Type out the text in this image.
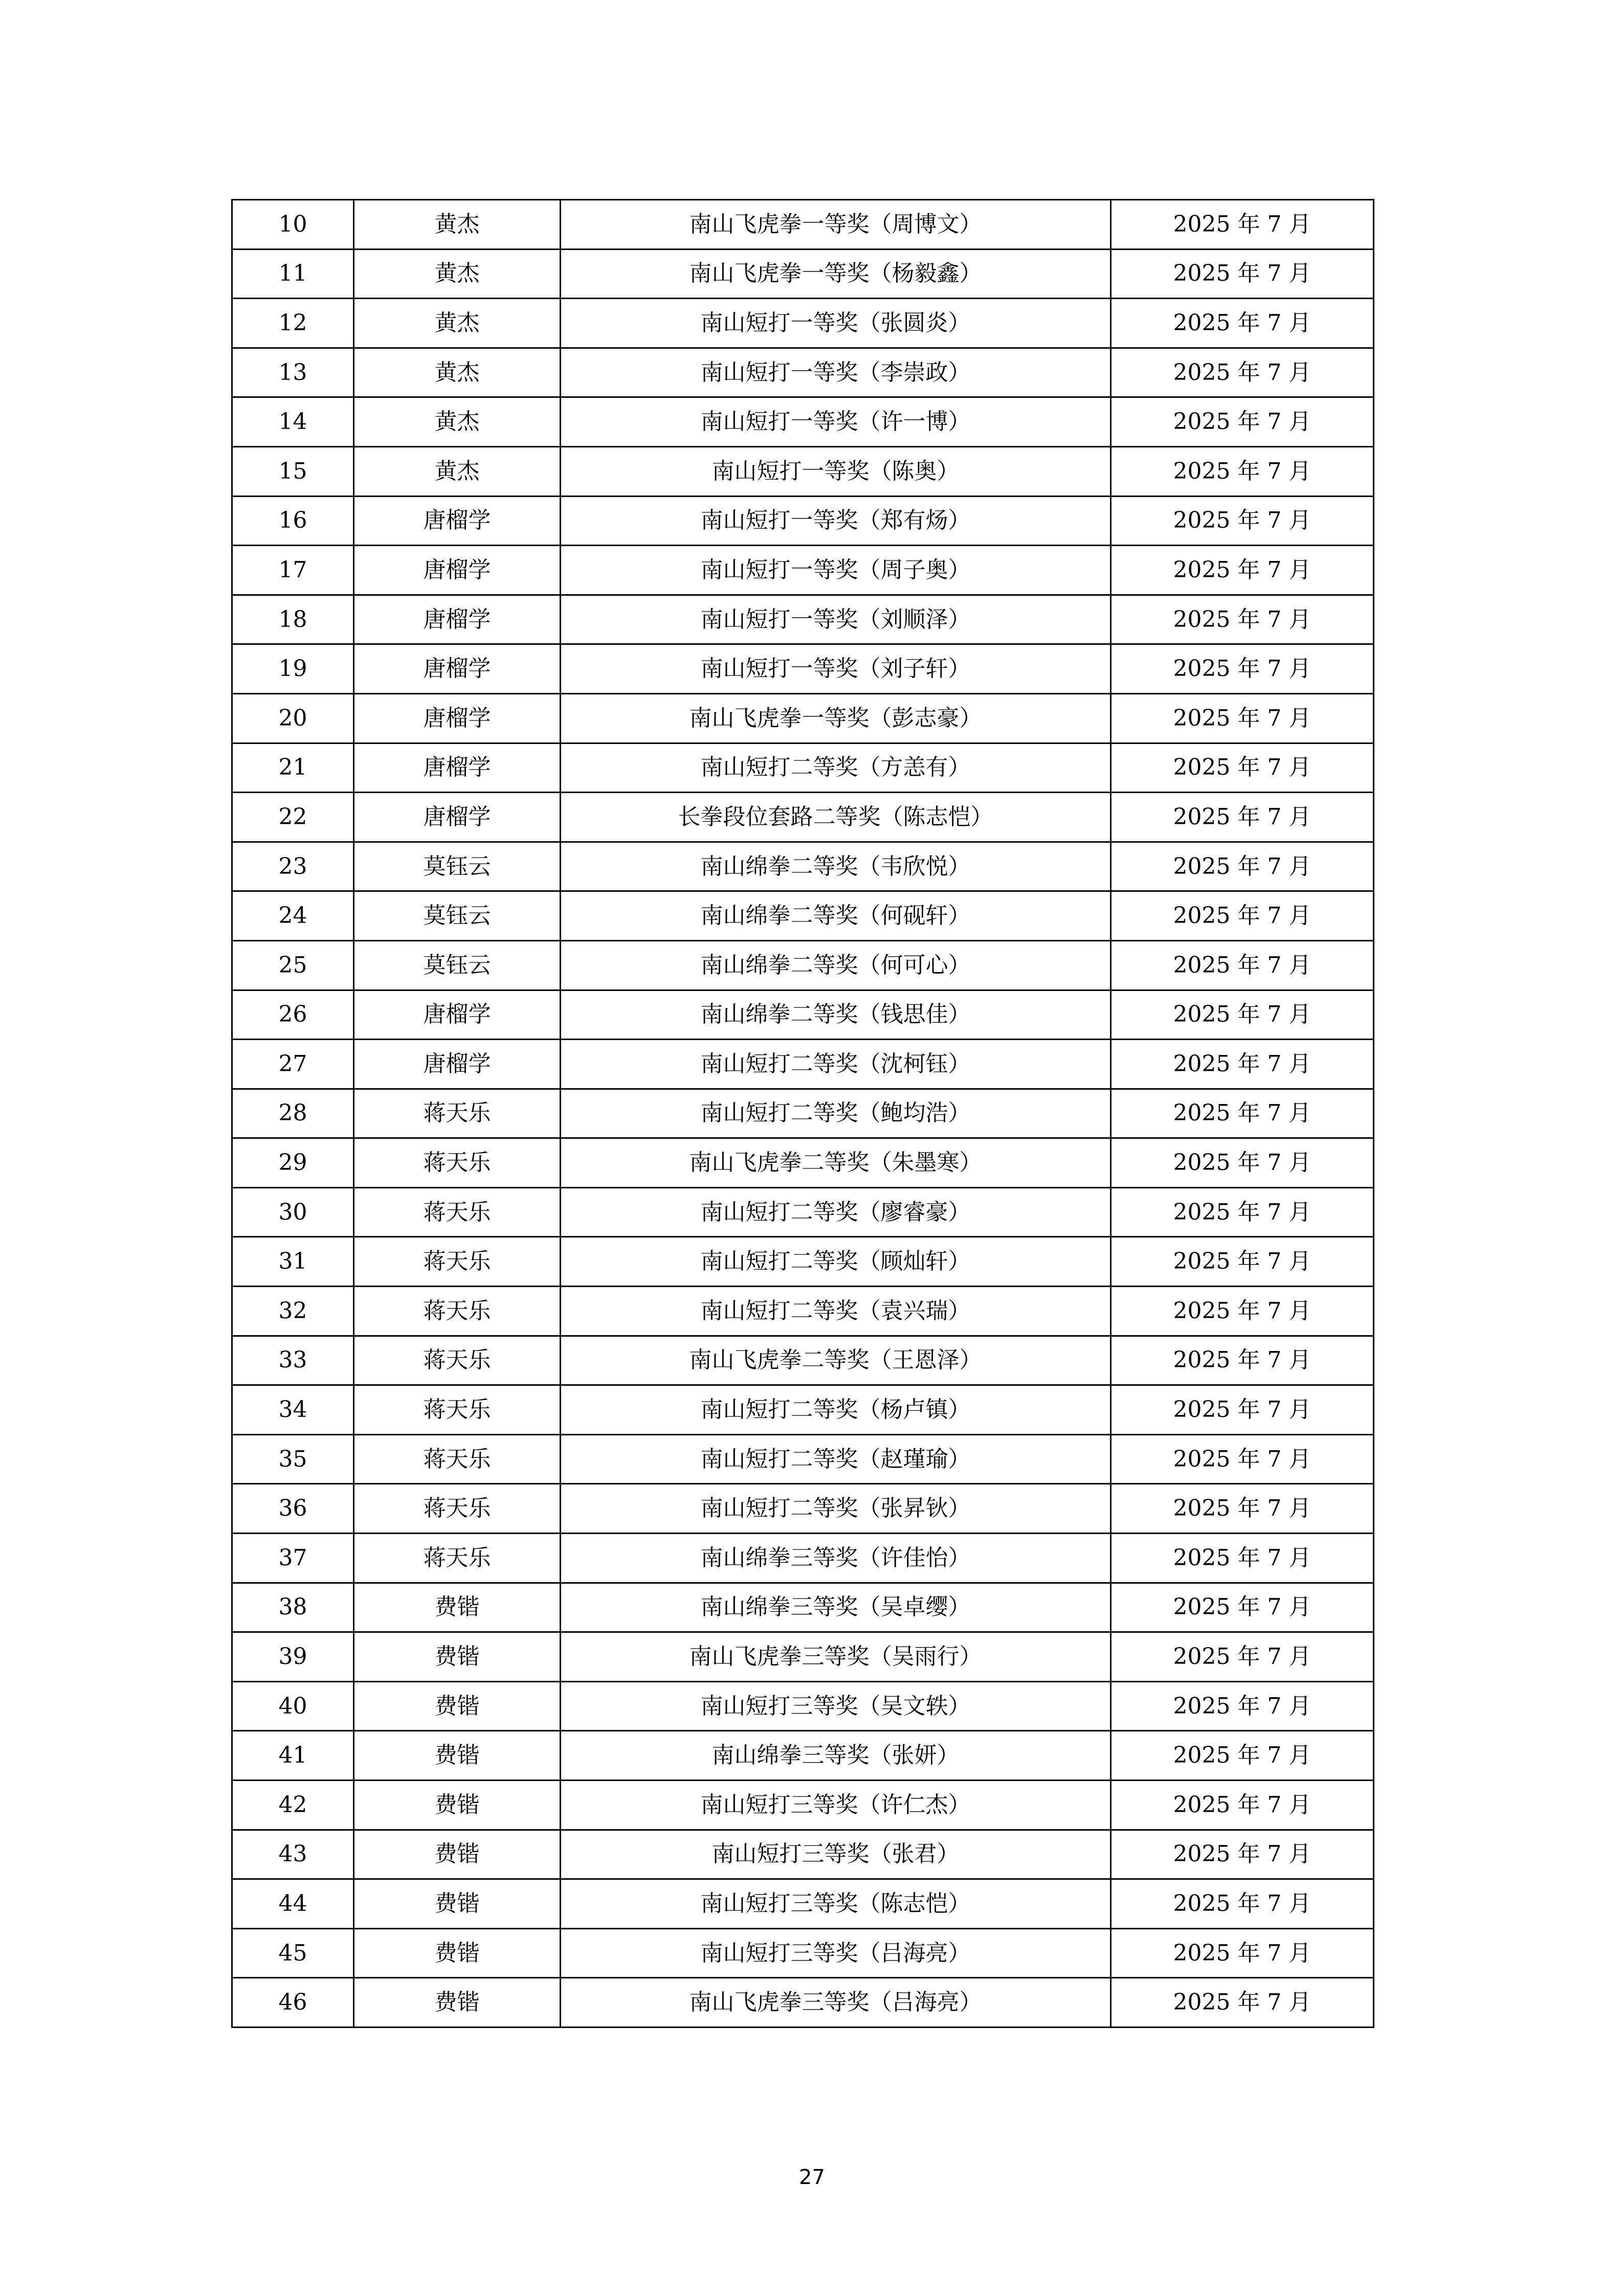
10	黄杰	南山飞虎拳一等奖（周博文）	2025 年 7 月
11	黄杰	南山飞虎拳一等奖（杨毅鑫）	2025 年 7 月
12	黄杰	南山短打一等奖（张圆炎）	2025 年 7 月
13	黄杰	南山短打一等奖（李崇政）	2025 年 7 月
14	黄杰	南山短打一等奖（许一博）	2025 年 7 月
15	黄杰	南山短打一等奖（陈奥）	2025 年 7 月
16	唐榴学	南山短打一等奖（郑有炀）	2025 年 7 月
17	唐榴学	南山短打一等奖（周子奥）	2025 年 7 月
18	唐榴学	南山短打一等奖（刘顺泽）	2025 年 7 月
19	唐榴学	南山短打一等奖（刘子轩）	2025 年 7 月
20	唐榴学	南山飞虎拳一等奖（彭志豪）	2025 年 7 月
21	唐榴学	南山短打二等奖（方恙有）	2025 年 7 月
22	唐榴学	长拳段位套路二等奖（陈志恺）	2025 年 7 月
23	莫钰云	南山绵拳二等奖（韦欣悦）	2025 年 7 月
24	莫钰云	南山绵拳二等奖（何砚轩）	2025 年 7 月
25	莫钰云	南山绵拳二等奖（何可心）	2025 年 7 月
26	唐榴学	南山绵拳二等奖（钱思佳）	2025 年 7 月
27	唐榴学	南山短打二等奖（沈柯钰）	2025 年 7 月
28	蒋天乐	南山短打二等奖（鲍均浩）	2025 年 7 月
29	蒋天乐	南山飞虎拳二等奖（朱墨寒）	2025 年 7 月
30	蒋天乐	南山短打二等奖（廖睿豪）	2025 年 7 月
31	蒋天乐	南山短打二等奖（顾灿轩）	2025 年 7 月
32	蒋天乐	南山短打二等奖（袁兴瑞）	2025 年 7 月
33	蒋天乐	南山飞虎拳二等奖（王恩泽）	2025 年 7 月
34	蒋天乐	南山短打二等奖（杨卢镇）	2025 年 7 月
35	蒋天乐	南山短打二等奖（赵瑾瑜）	2025 年 7 月
36	蒋天乐	南山短打二等奖（张昇钬）	2025 年 7 月
37	蒋天乐	南山绵拳三等奖（许佳怡）	2025 年 7 月
38	费锴	南山绵拳三等奖（吴卓缨）	2025 年 7 月
39	费锴	南山飞虎拳三等奖（吴雨行）	2025 年 7 月
40	费锴	南山短打三等奖（吴文轶）	2025 年 7 月
41	费锴	南山绵拳三等奖（张妍）	2025 年 7 月
42	费锴	南山短打三等奖（许仁杰）	2025 年 7 月
43	费锴	南山短打三等奖（张君）	2025 年 7 月
44	费锴	南山短打三等奖（陈志恺）	2025 年 7 月
45	费锴	南山短打三等奖（吕海亮）	2025 年 7 月
46	费锴	南山飞虎拳三等奖（吕海亮）	2025 年 7 月
27
